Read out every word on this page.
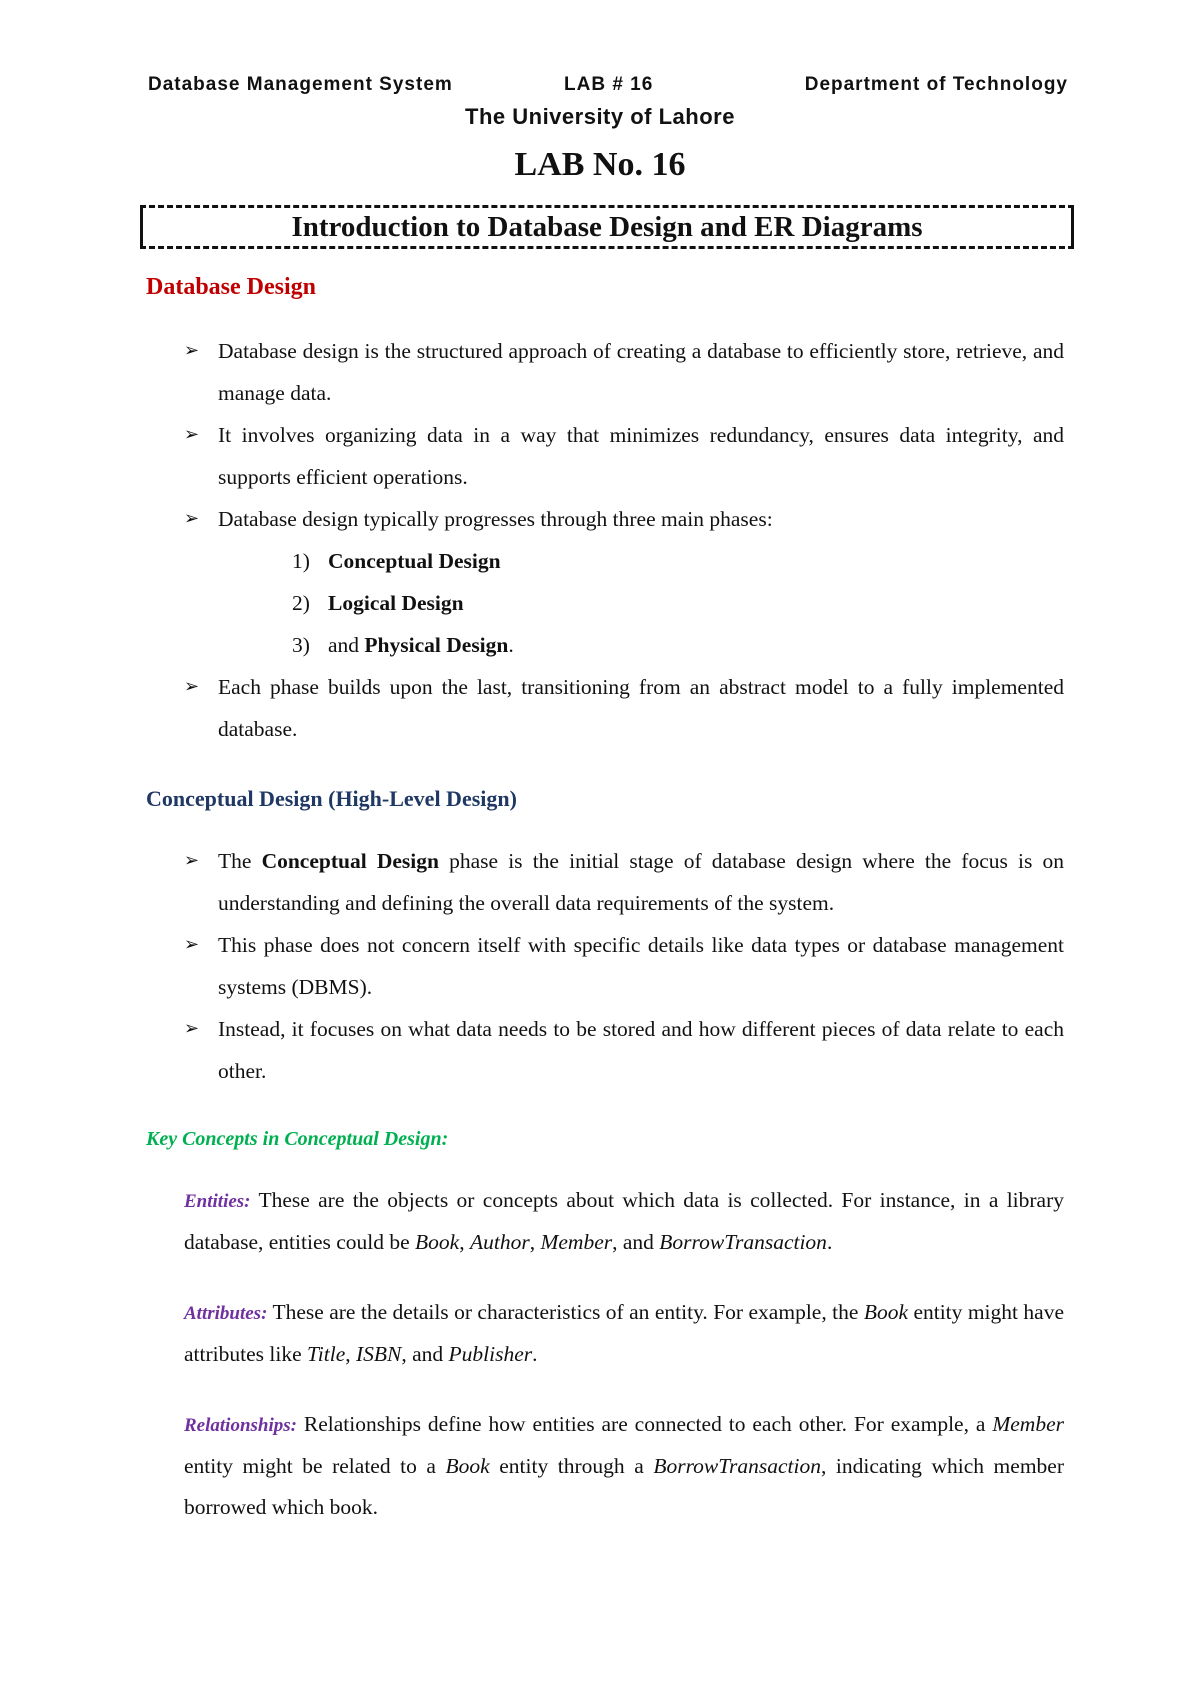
Database Management System	LAB # 16	Department of Technology
The University of Lahore
LAB No. 16
Introduction to Database Design and ER Diagrams
Database Design
➢ Database design is the structured approach of creating a database to efficiently store, retrieve, and manage data.
➢ It involves organizing data in a way that minimizes redundancy, ensures data integrity, and supports efficient operations.
➢ Database design typically progresses through three main phases:
1) Conceptual Design
2) Logical Design
3) and Physical Design.
➢ Each phase builds upon the last, transitioning from an abstract model to a fully implemented database.
Conceptual Design (High-Level Design)
➢ The Conceptual Design phase is the initial stage of database design where the focus is on understanding and defining the overall data requirements of the system.
➢ This phase does not concern itself with specific details like data types or database management systems (DBMS).
➢ Instead, it focuses on what data needs to be stored and how different pieces of data relate to each other.
Key Concepts in Conceptual Design:

Entities: These are the objects or concepts about which data is collected. For instance, in a library database, entities could be Book, Author, Member, and BorrowTransaction.

Attributes: These are the details or characteristics of an entity. For example, the Book entity might have attributes like Title, ISBN, and Publisher.

Relationships: Relationships define how entities are connected to each other. For example, a Member entity might be related to a Book entity through a BorrowTransaction, indicating which member borrowed which book.
